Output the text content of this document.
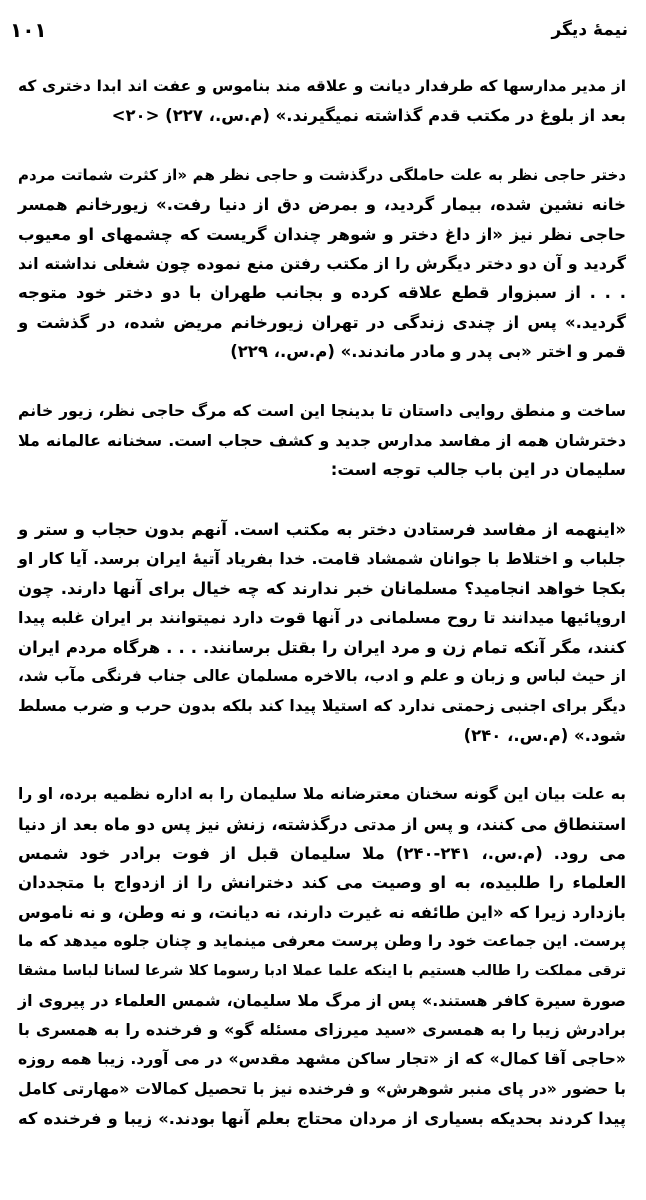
نیمهٔ دیگر
۱۰۱

از مدیر مدارسها که طرفدار دیانت و علاقه مند بناموس و عفت اند ابدا دختری که
بعد از بلوغ در مکتب قدم گذاشته نمیگیرند.» (م.س.، ۲۲۷) <۲۰>

دختر حاجی نظر به علت حاملگی درگذشت و حاجی نظر هم «از کثرت شماتت مردم
خانه نشین شده، بیمار گردید، و بمرض دق از دنیا رفت.» زیورخانم همسر
حاجی نظر نیز «از داغ دختر و شوهر چندان گریست که چشمهای او معیوب
گردید و آن دو دختر دیگرش را از مکتب رفتن منع نموده چون شغلی نداشته اند
. . . از سبزوار قطع علاقه کرده و بجانب طهران با دو دختر خود متوجه
گردید.» پس از چندی زندگی در تهران زیورخانم مریض شده، در گذشت و
قمر و اختر «بی پدر و مادر ماندند.» (م.س.، ۲۲۹)

ساخت و منطق روایی داستان تا بدینجا این است که مرگ حاجی نظر، زیور خانم
دخترشان همه از مفاسد مدارس جدید و کشف حجاب است. سخنانه عالمانه ملا
سلیمان در این باب جالب توجه است:

«اینهمه از مفاسد فرستادن دختر به مکتب است. آنهم بدون حجاب و ستر و
جلباب و اختلاط با جوانان شمشاد قامت. خدا بفریاد آتیهٔ ایران برسد. آیا کار او
بکجا خواهد انجامید؟ مسلمانان خبر ندارند که چه خیال برای آنها دارند. چون
اروپائیها میدانند تا روح مسلمانی در آنها قوت دارد نمیتوانند بر ایران غلبه پیدا
کنند، مگر آنکه تمام زن و مرد ایران را بقتل برسانند. . . . هرگاه مردم ایران
از حیث لباس و زبان و علم و ادب، بالاخره مسلمان عالی جناب فرنگی مآب شد،
دیگر برای اجنبی زحمتی ندارد که استیلا پیدا کند بلکه بدون حرب و ضرب مسلط
شود.» (م.س.، ۲۴۰)

به علت بیان این گونه سخنان معترضانه ملا سلیمان را به اداره نظمیه برده، او را
استنطاق می کنند، و پس از مدتی درگذشته، زنش نیز پس دو ماه بعد از دنیا
می رود. (م.س.، ۲۴۱-۲۴۰) ملا سلیمان قبل از فوت برادر خود شمس
العلماء را طلبیده، به او وصیت می کند دخترانش را از ازدواج با متجددان
بازدارد زیرا که «این طائفه نه غیرت دارند، نه دیانت، و نه وطن، و نه ناموس
پرست. این جماعت خود را وطن پرست معرفی مینماید و چنان جلوه میدهد که ما
ترقی مملکت را طالب هستیم با اینکه علما عملا ادبا رسوما کلا شرعا لسانا لباسا مشقا
صورة سیرة کافر هستند.» پس از مرگ ملا سلیمان، شمس العلماء در پیروی از
برادرش زیبا را به همسری «سید میرزای مسئله گو» و فرخنده را به همسری با
«حاجی آقا کمال» که از «تجار ساکن مشهد مقدس» در می آورد. زیبا همه روزه
با حضور «در پای منبر شوهرش» و فرخنده نیز با تحصیل کمالات «مهارتی کامل
پیدا کردند بحدیکه بسیاری از مردان محتاج بعلم آنها بودند.» زیبا و فرخنده که
